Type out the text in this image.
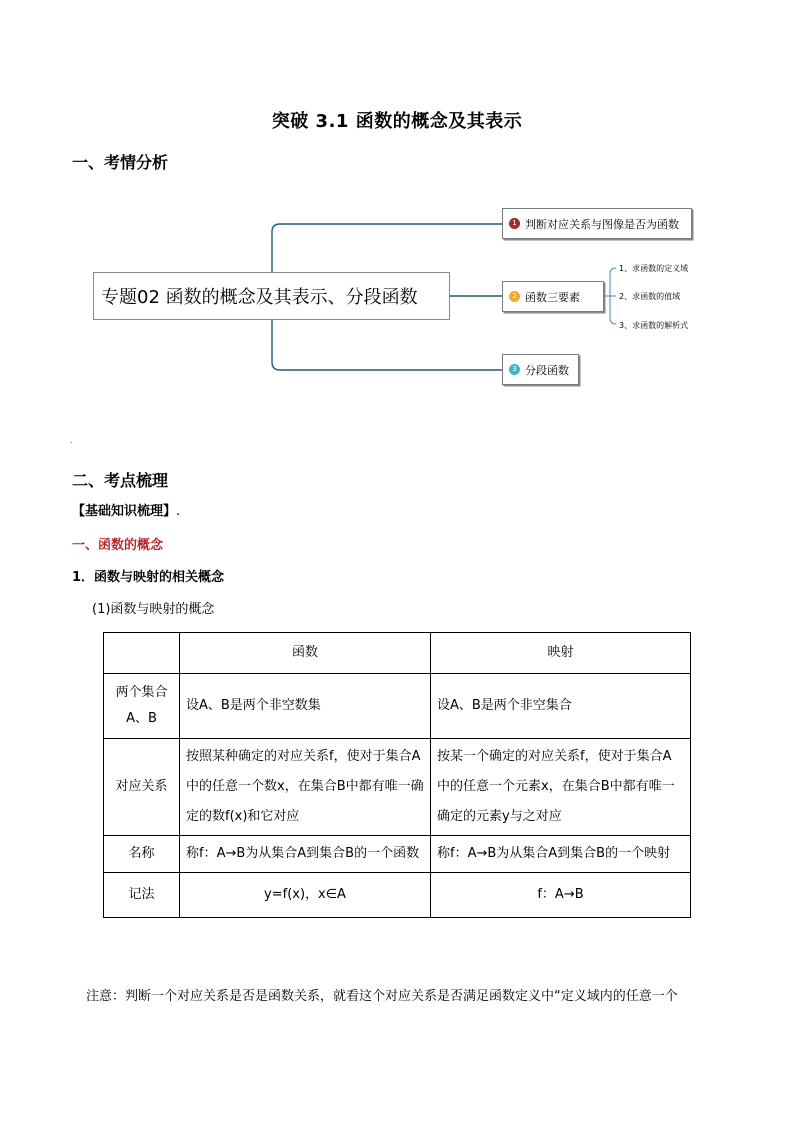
突破 3.1 函数的概念及其表示
一、考情分析
专题02 函数的概念及其表示、分段函数
1 判断对应关系与图像是否为函数
2 函数三要素
3 分段函数
1、求函数的定义域
2、求函数的值域
3、求函数的解析式
.
二、考点梳理
【基础知识梳理】.
一、函数的概念
1．函数与映射的相关概念
(1)函数与映射的概念
	函数	映射
两个集合A、B	设A、B是两个非空数集	设A、B是两个非空集合
对应关系	按照某种确定的对应关系f，使对于集合A中的任意一个数x，在集合B中都有唯一确定的数f(x)和它对应	按某一个确定的对应关系f，使对于集合A中的任意一个元素x，在集合B中都有唯一确定的元素y与之对应
名称	称f：A→B为从集合A到集合B的一个函数	称f：A→B为从集合A到集合B的一个映射
记法	y=f(x)，x∈A	f：A→B
注意：判断一个对应关系是否是函数关系，就看这个对应关系是否满足函数定义中“定义域内的任意一个
